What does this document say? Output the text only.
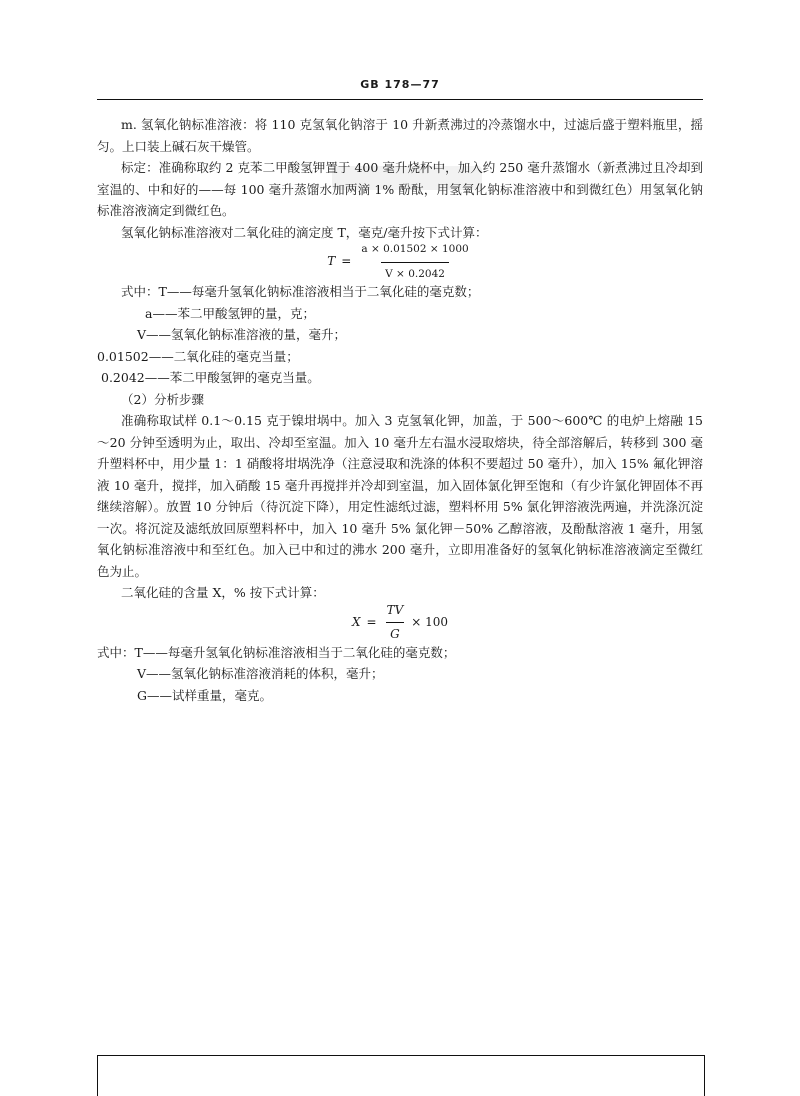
GB 178—77

m. 氢氧化钠标准溶液：将 110 克氢氧化钠溶于 10 升新煮沸过的冷蒸馏水中，过滤后盛于塑料瓶里，摇匀。上口装上碱石灰干燥管。

标定：准确称取约 2 克苯二甲酸氢钾置于 400 毫升烧杯中，加入约 250 毫升蒸馏水（新煮沸过且冷却到室温的、中和好的——每 100 毫升蒸馏水加两滴 1% 酚酞，用氢氧化钠标准溶液中和到微红色）用氢氧化钠标准溶液滴定到微红色。

氢氧化钠标准溶液对二氧化硅的滴定度 T，毫克/毫升按下式计算：

$T = \frac{a \times 0.01502 \times 1000}{V \times 0.2042}$
式中：T—— 每毫升氢氧化钠标准溶液相当于二氧化硅的毫克数；
a—— 苯二甲酸氢钾的量，克；
V—— 氢氧化钠标准溶液的量，毫升；
0.01502—— 二氧化硅的毫克当量；
0.2042—— 苯二甲酸氢钾的毫克当量。

（2）分析步骤

准确称取试样 0.1～0.15 克于镍坩埚中。加入 3 克氢氧化钾，加盖，于 500～600℃ 的电炉上熔融 15～20 分钟至透明为止，取出、冷却至室温。加入 10 毫升左右温水浸取熔块，待全部溶解后，转移到 300 毫升塑料杯中，用少量 1：1 硝酸将坩埚洗净（注意浸取和洗涤的体积不要超过 50 毫升），加入 15% 氟化钾溶液 10 毫升，搅拌，加入硝酸 15 毫升再搅拌并冷却到室温，加入固体氯化钾至饱和（有少许氯化钾固体不再继续溶解）。放置 10 分钟后（待沉淀下降），用定性滤纸过滤，塑料杯用 5% 氯化钾溶液洗两遍，并洗涤沉淀一次。将沉淀及滤纸放回原塑料杯中，加入 10 毫升 5% 氯化钾－50% 乙醇溶液，及酚酞溶液 1 毫升，用氢氧化钠标准溶液中和至红色。加入已中和过的沸水 200 毫升，立即用准备好的氢氧化钠标准溶液滴定至微红色为止。

二氧化硅的含量 X，% 按下式计算：

$X = \frac{TV}{G} \times 100$
式中：T—— 每毫升氢氧化钠标准溶液相当于二氧化硅的毫克数；
V—— 氢氧化钠标准溶液消耗的体积，毫升；
G—— 试样重量，毫克。
